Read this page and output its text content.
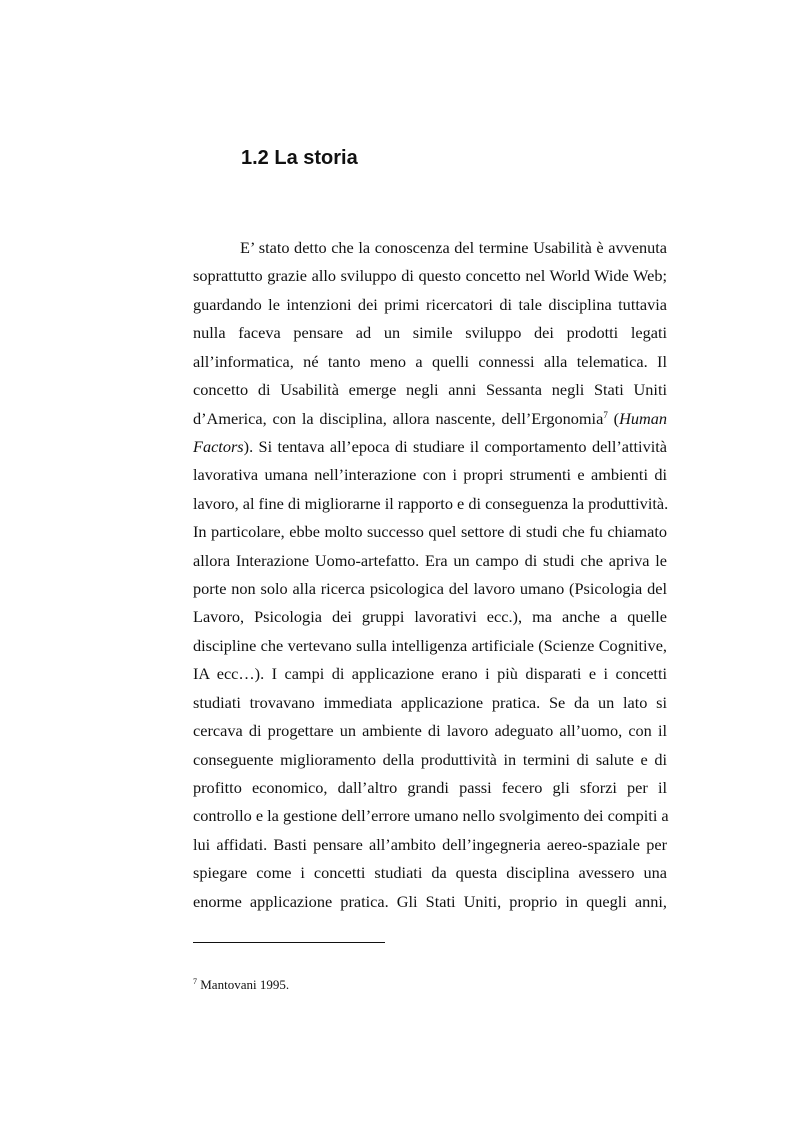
1.2 La storia
E’ stato detto che la conoscenza del termine Usabilità è avvenuta
soprattutto grazie allo sviluppo di questo concetto nel World Wide Web;
guardando le intenzioni dei primi ricercatori di tale disciplina tuttavia
nulla faceva pensare ad un simile sviluppo dei prodotti legati
all’informatica, né tanto meno a quelli connessi alla telematica. Il
concetto di Usabilità emerge negli anni Sessanta negli Stati Uniti
d’America, con la disciplina, allora nascente, dell’Ergonomia$^7$ (Human
Factors). Si tentava all’epoca di studiare il comportamento dell’attività
lavorativa umana nell’interazione con i propri strumenti e ambienti di
lavoro, al fine di migliorarne il rapporto e di conseguenza la produttività.
In particolare, ebbe molto successo quel settore di studi che fu chiamato
allora Interazione Uomo-artefatto. Era un campo di studi che apriva le
porte non solo alla ricerca psicologica del lavoro umano (Psicologia del
Lavoro, Psicologia dei gruppi lavorativi ecc.), ma anche a quelle
discipline che vertevano sulla intelligenza artificiale (Scienze Cognitive,
IA ecc…). I campi di applicazione erano i più disparati e i concetti
studiati trovavano immediata applicazione pratica. Se da un lato si
cercava di progettare un ambiente di lavoro adeguato all’uomo, con il
conseguente miglioramento della produttività in termini di salute e di
profitto economico, dall’altro grandi passi fecero gli sforzi per il
controllo e la gestione dell’errore umano nello svolgimento dei compiti a
lui affidati. Basti pensare all’ambito dell’ingegneria aereo-spaziale per
spiegare come i concetti studiati da questa disciplina avessero una
enorme applicazione pratica. Gli Stati Uniti, proprio in quegli anni,
$^7$ Mantovani 1995.
